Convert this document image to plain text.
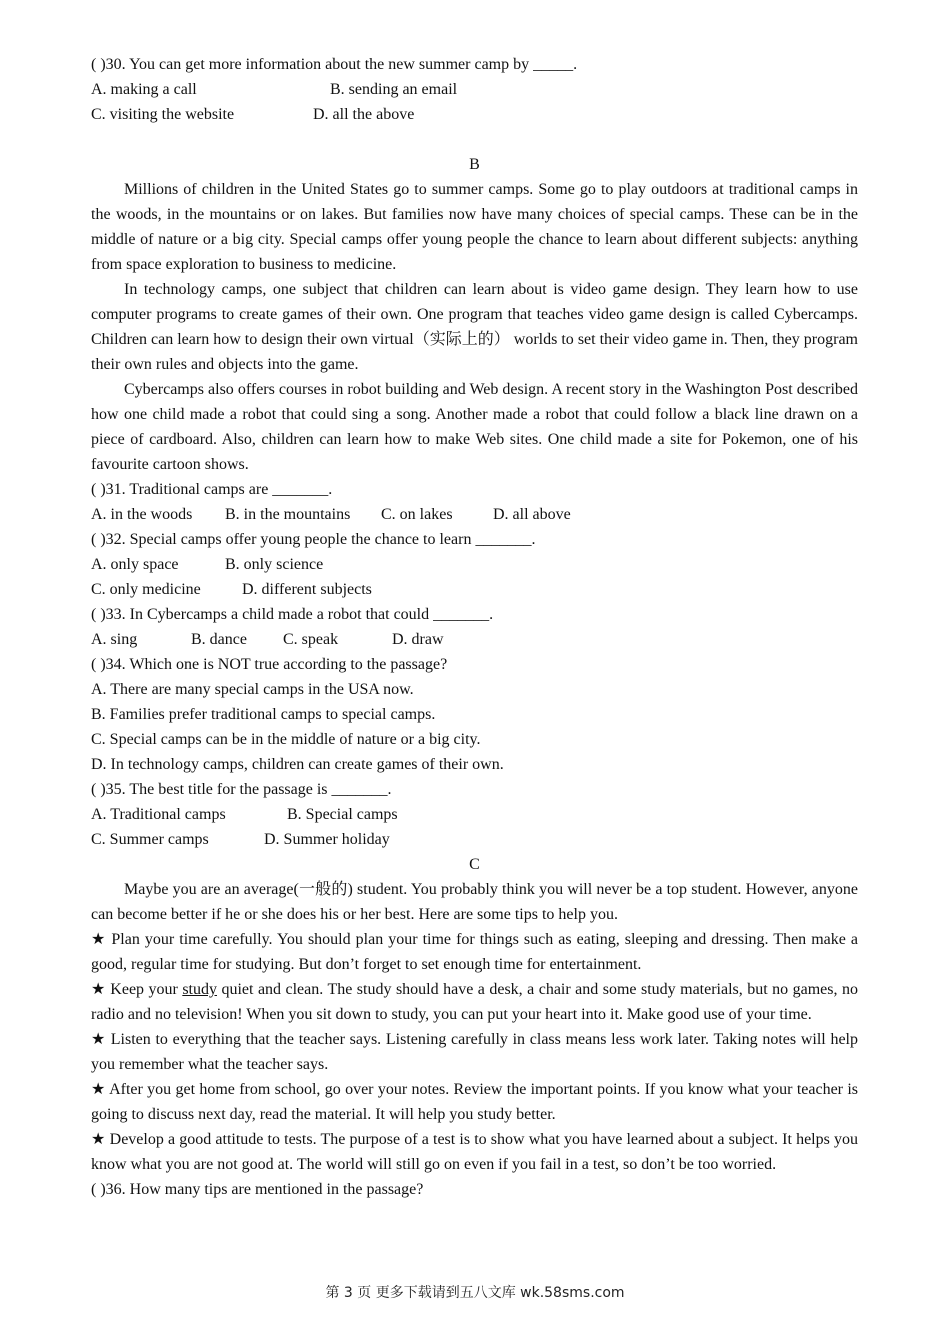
( )30. You can get more information about the new summer camp by _____.
A. making a call	B. sending an email
C. visiting the website	D. all the above
B
Millions of children in the United States go to summer camps. Some go to play outdoors at traditional camps in the woods, in the mountains or on lakes. But families now have many choices of special camps. These can be in the middle of nature or a big city. Special camps offer young people the chance to learn about different subjects: anything from space exploration to business to medicine.
In technology camps, one subject that children can learn about is video game design. They learn how to use computer programs to create games of their own. One program that teaches video game design is called Cybercamps. Children can learn how to design their own virtual（实际上的） worlds to set their video game in. Then, they program their own rules and objects into the game.
Cybercamps also offers courses in robot building and Web design. A recent story in the Washington Post described how one child made a robot that could sing a song. Another made a robot that could follow a black line drawn on a piece of cardboard. Also, children can learn how to make Web sites. One child made a site for Pokemon, one of his favourite cartoon shows.
( )31. Traditional camps are _______.
A. in the woods	B. in the mountains	C. on lakes	D. all above
( )32. Special camps offer young people the chance to learn _______.
A. only space	B. only science
C. only medicine	D. different subjects
( )33. In Cybercamps a child made a robot that could _______.
A. sing	B. dance	C. speak	D. draw
( )34. Which one is NOT true according to the passage?
A. There are many special camps in the USA now.
B. Families prefer traditional camps to special camps.
C. Special camps can be in the middle of nature or a big city.
D. In technology camps, children can create games of their own.
( )35. The best title for the passage is _______.
A. Traditional camps	B. Special camps
C. Summer camps	D. Summer holiday
C
Maybe you are an average(一般的) student. You probably think you will never be a top student. However, anyone can become better if he or she does his or her best. Here are some tips to help you.
★ Plan your time carefully. You should plan your time for things such as eating, sleeping and dressing. Then make a good, regular time for studying. But don’t forget to set enough time for entertainment.
★ Keep your study quiet and clean. The study should have a desk, a chair and some study materials, but no games, no radio and no television! When you sit down to study, you can put your heart into it. Make good use of your time.
★ Listen to everything that the teacher says. Listening carefully in class means less work later. Taking notes will help you remember what the teacher says.
★ After you get home from school, go over your notes. Review the important points. If you know what your teacher is going to discuss next day, read the material. It will help you study better.
★ Develop a good attitude to tests. The purpose of a test is to show what you have learned about a subject. It helps you know what you are not good at. The world will still go on even if you fail in a test, so don’t be too worried.
( )36. How many tips are mentioned in the passage?
第 3 页 更多下载请到五八文库 wk.58sms.com
